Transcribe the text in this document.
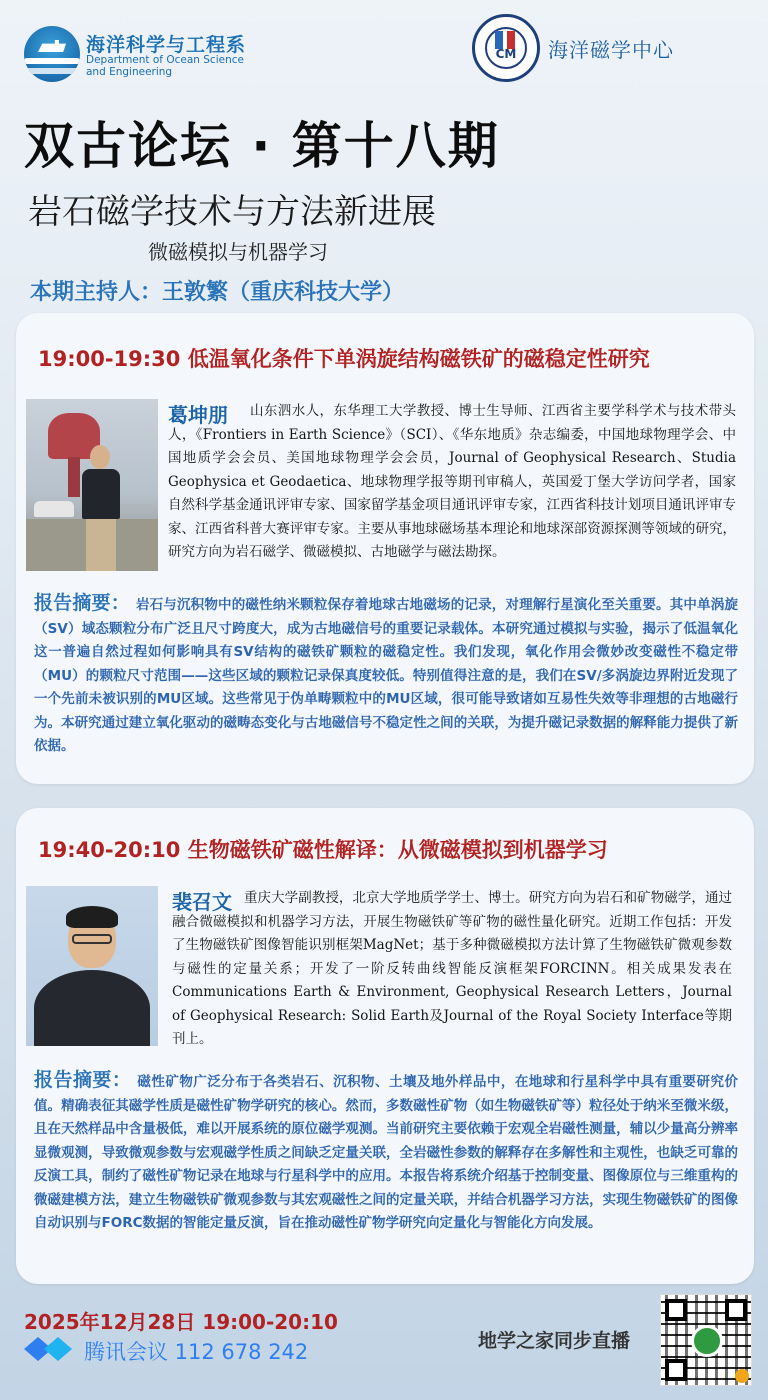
海洋科学与工程系
Department of Ocean Science and Engineering
CM	海洋磁学中心
双古论坛 · 第十八期
岩石磁学技术与方法新进展
微磁模拟与机器学习
本期主持人：王敦繁（重庆科技大学）
19:00-19:30 低温氧化条件下单涡旋结构磁铁矿的磁稳定性研究
山东泗水人，东华理工大学教授、博士生导师、江西省主要学科学术与技术带头人，《Frontiers in Earth Science》（SCI）、《华东地质》杂志编委，中国地球物理学会、中国地质学会会员、美国地球物理学会会员，Journal of Geophysical Research、Studia Geophysica et Geodaetica、地球物理学报等期刊审稿人，英国爱丁堡大学访问学者，国家自然科学基金通讯评审专家、国家留学基金项目通讯评审专家，江西省科技计划项目通讯评审专家、江西省科普大赛评审专家。主要从事地球磁场基本理论和地球深部资源探测等领域的研究，研究方向为岩石磁学、微磁模拟、古地磁学与磁法勘探。
葛坤朋
报告摘要： 岩石与沉积物中的磁性纳米颗粒保存着地球古地磁场的记录，对理解行星演化至关重要。其中单涡旋（SV）域态颗粒分布广泛且尺寸跨度大，成为古地磁信号的重要记录载体。本研究通过模拟与实验，揭示了低温氧化这一普遍自然过程如何影响具有SV结构的磁铁矿颗粒的磁稳定性。我们发现，氧化作用会微妙改变磁性不稳定带（MU）的颗粒尺寸范围——这些区域的颗粒记录保真度较低。特别值得注意的是，我们在SV/多涡旋边界附近发现了一个先前未被识别的MU区域。这些常见于伪单畴颗粒中的MU区域，很可能导致诸如互易性失效等非理想的古地磁行为。本研究通过建立氧化驱动的磁畴态变化与古地磁信号不稳定性之间的关联，为提升磁记录数据的解释能力提供了新依据。
19:40-20:10 生物磁铁矿磁性解译：从微磁模拟到机器学习
重庆大学副教授，北京大学地质学学士、博士。研究方向为岩石和矿物磁学，通过融合微磁模拟和机器学习方法，开展生物磁铁矿等矿物的磁性量化研究。近期工作包括：开发了生物磁铁矿图像智能识别框架MagNet；基于多种微磁模拟方法计算了生物磁铁矿微观参数与磁性的定量关系；开发了一阶反转曲线智能反演框架FORCINN。相关成果发表在Communications Earth & Environment, Geophysical Research Letters，Journal of Geophysical Research: Solid Earth及Journal of the Royal Society Interface等期刊上。
裴召文
报告摘要： 磁性矿物广泛分布于各类岩石、沉积物、土壤及地外样品中，在地球和行星科学中具有重要研究价值。精确表征其磁学性质是磁性矿物学研究的核心。然而，多数磁性矿物（如生物磁铁矿等）粒径处于纳米至微米级，且在天然样品中含量极低，难以开展系统的原位磁学观测。当前研究主要依赖于宏观全岩磁性测量，辅以少量高分辨率显微观测，导致微观参数与宏观磁学性质之间缺乏定量关联，全岩磁性参数的解释存在多解性和主观性，也缺乏可靠的反演工具，制约了磁性矿物记录在地球与行星科学中的应用。本报告将系统介绍基于控制变量、图像原位与三维重构的微磁建模方法，建立生物磁铁矿微观参数与其宏观磁性之间的定量关联，并结合机器学习方法，实现生物磁铁矿的图像自动识别与FORC数据的智能定量反演，旨在推动磁性矿物学研究向定量化与智能化方向发展。
2025年12月28日 19:00-20:10
腾讯会议 112 678 242	地学之家同步直播
